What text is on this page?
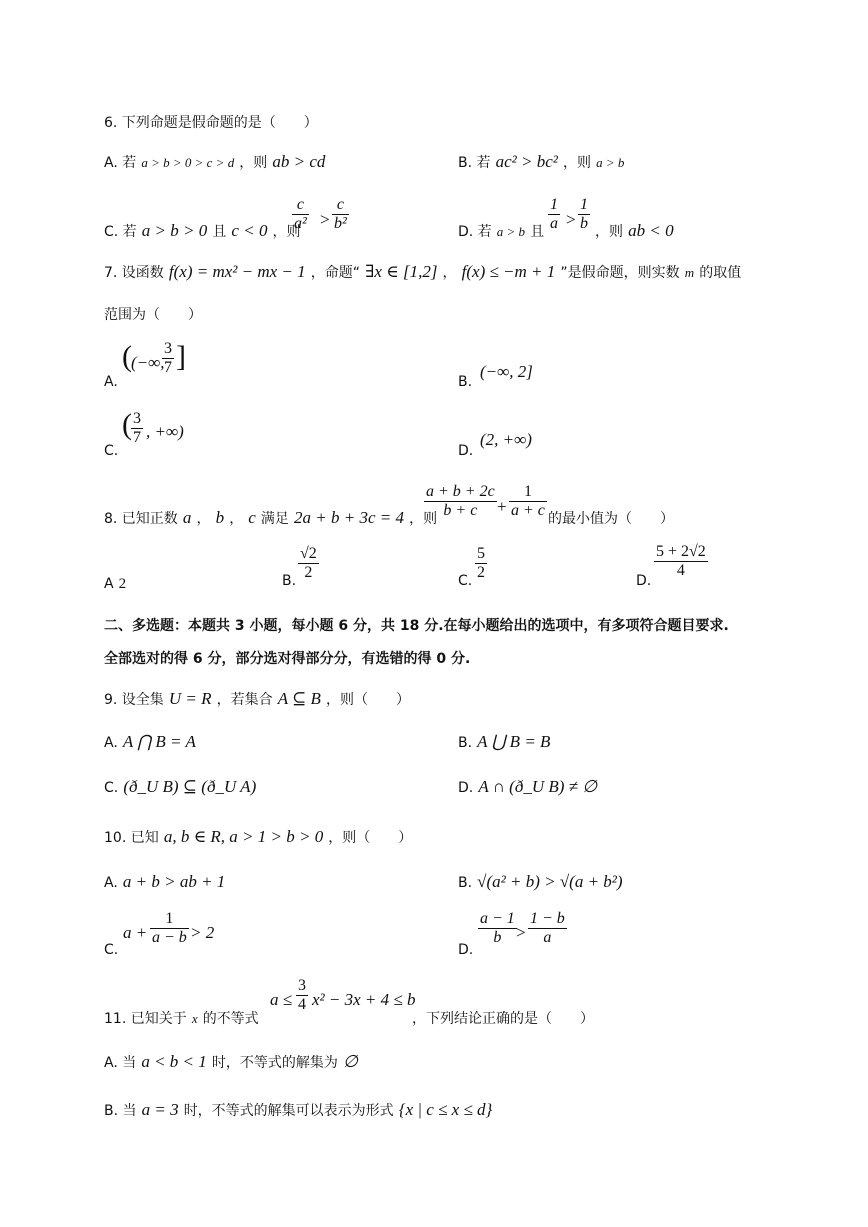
6. 下列命题是假命题的是（　　）
A. 若 a > b > 0 > c > d ，则 ab > cd	B. 若 ac² > bc² ，则 a > b
C. 若 a > b > 0 且 c < 0 ，则
$\frac{c}{\text{a²}} > \frac{c}{\text{b²}}$	D. 若 a > b 且 $\frac{1}{a} > \frac{1}{b}$ ，则 ab < 0
7. 设函数 f(x) = mx² − mx − 1 ，命题“ ∃x ∈ [1,2] ， f(x) ≤ −m + 1 ”是假命题，则实数 m 的取值
范围为（　　）
A.
( (−∞,
$\frac{3}{7}$ ]
B.
(−∞, 2]
C.
( $\frac{3}{7}$ , +∞)
D.
(2, +∞)
8. 已知正数 a ， b ， c 满足 2a + b + 3c = 4 ，则
$\frac{a + b + 2c}{b + c} + \frac{1}{a + c}$ 的最小值为（　　）
A 2	B. $\frac{√2}{2}$	C. $\frac{5}{2}$	D.
$\frac{5 + 2√2}{4}$
二、多选题：本题共 3 小题，每小题 6 分，共 18 分.在每小题给出的选项中，有多项符合题目要求.
全部选对的得 6 分，部分选对得部分分，有选错的得 0 分.
9. 设全集 U = R ，若集合 A ⊆ B ，则（　　）
A. A ⋂ B = A	B. A ⋃ B = B
C. (ð_U B) ⊆ (ð_U A)	D. A ∩ (ð_U B) ≠ ∅
10. 已知 a, b ∈ R, a > 1 > b > 0 ，则（　　）
A. a + b > ab + 1	B. √(a² + b) > √(a + b²)
C.
$a + \frac{1}{a - b} > 2$
D.
$\frac{a - 1}{b} > \frac{1 - b}{a}$
11. 已知关于 x 的不等式
$a \le \frac{3}{4} x^2 - 3x + 4 \le b$
，下列结论正确的是（　　）
A. 当 a < b < 1 时，不等式的解集为 ∅
B. 当 a = 3 时，不等式的解集可以表示为形式 {x | c ≤ x ≤ d}
